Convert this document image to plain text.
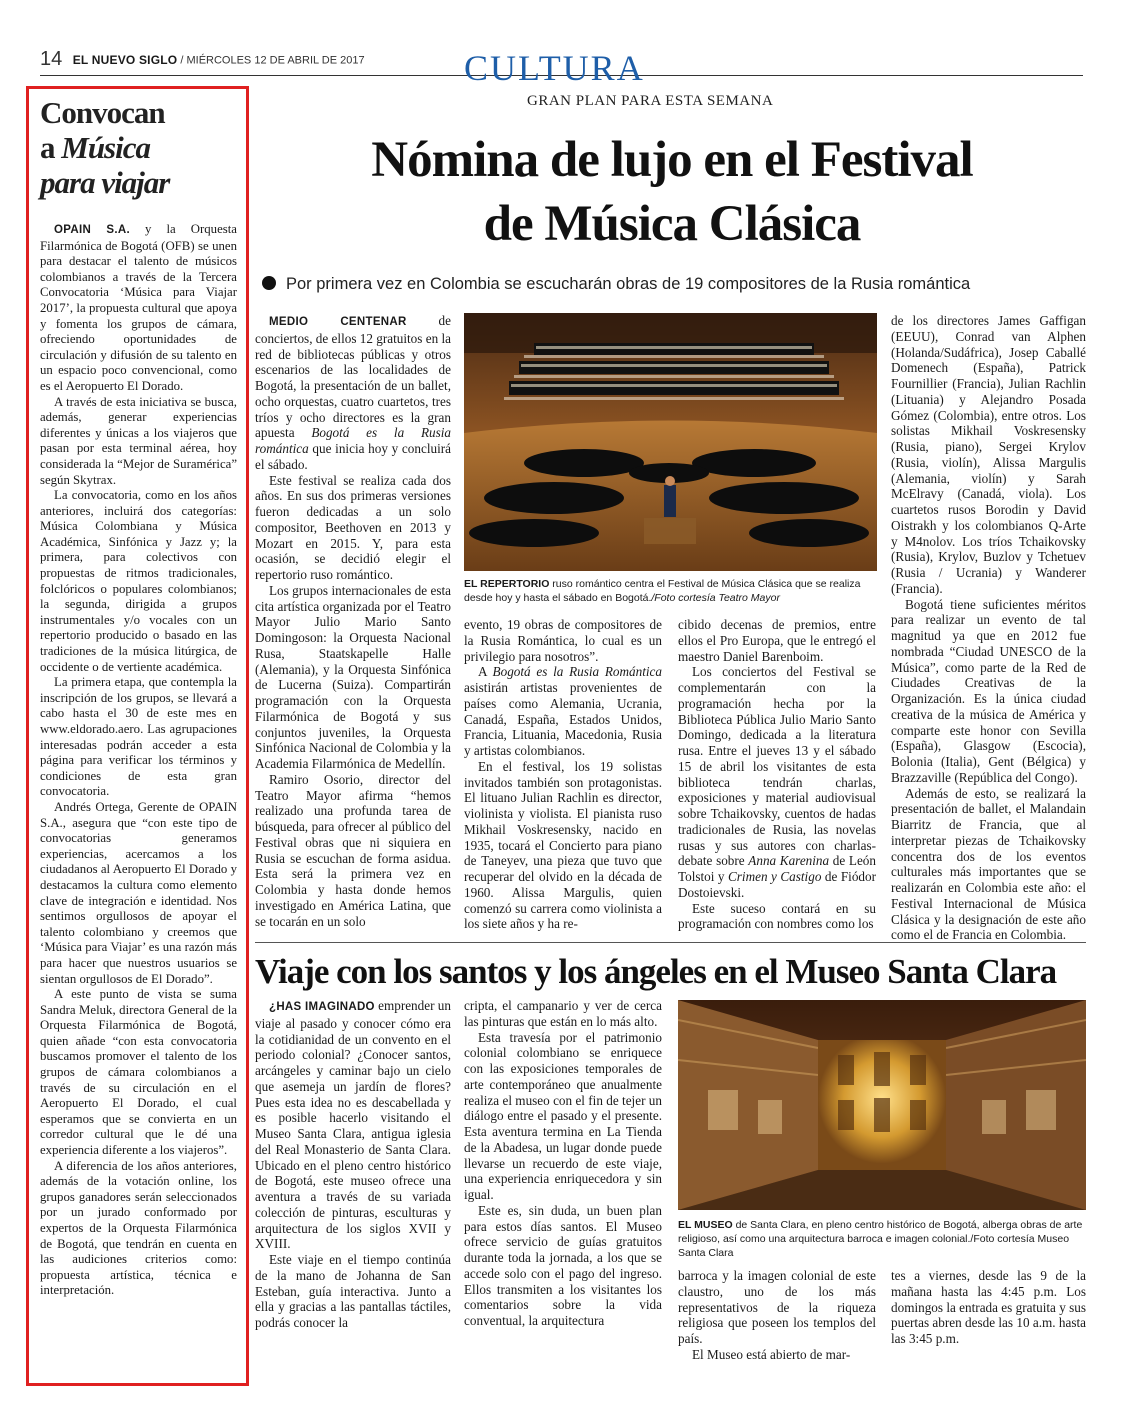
14 EL NUEVO SIGLO / MIÉRCOLES 12 DE ABRIL DE 2017	CULTURA
GRAN PLAN PARA ESTA SEMANA
Convocan
a Música
para viajar

OPAIN S.A. y la Orquesta Filarmónica de Bogotá (OFB) se unen para destacar el talento de músicos colombianos a través de la Tercera Convocatoria ‘Música para Viajar 2017’, la propuesta cultural que apoya y fomenta los grupos de cámara, ofreciendo oportunidades de circulación y difusión de su talento en un espacio poco convencional, como es el Aeropuerto El Dorado.

A través de esta iniciativa se busca, además, generar experiencias diferentes y únicas a los viajeros que pasan por esta terminal aérea, hoy considerada la “Mejor de Suramérica” según Skytrax.

La convocatoria, como en los años anteriores, incluirá dos categorías: Música Colombiana y Música Académica, Sinfónica y Jazz y; la primera, para colectivos con propuestas de ritmos tradicionales, folclóricos o populares colombianos; la segunda, dirigida a grupos instrumentales y/o vocales con un repertorio producido o basado en las tradiciones de la música litúrgica, de occidente o de vertiente académica.

La primera etapa, que contempla la inscripción de los grupos, se llevará a cabo hasta el 30 de este mes en www.eldorado.aero. Las agrupaciones interesadas podrán acceder a esta página para verificar los términos y condiciones de esta gran convocatoria.

Andrés Ortega, Gerente de OPAIN S.A., asegura que “con este tipo de convocatorias generamos experiencias, acercamos a los ciudadanos al Aeropuerto El Dorado y destacamos la cultura como elemento clave de integración e identidad. Nos sentimos orgullosos de apoyar el talento colombiano y creemos que ‘Música para Viajar’ es una razón más para hacer que nuestros usuarios se sientan orgullosos de El Dorado”.

A este punto de vista se suma Sandra Meluk, directora General de la Orquesta Filarmónica de Bogotá, quien añade “con esta convocatoria buscamos promover el talento de los grupos de cámara colombianos a través de su circulación en el Aeropuerto El Dorado, el cual esperamos que se convierta en un corredor cultural que le dé una experiencia diferente a los viajeros”.

A diferencia de los años anteriores, además de la votación online, los grupos ganadores serán seleccionados por un jurado conformado por expertos de la Orquesta Filarmónica de Bogotá, que tendrán en cuenta en las audiciones criterios como: propuesta artística, técnica e interpretación.

Nómina de lujo en el Festival
de Música Clásica
Por primera vez en Colombia se escucharán obras de 19 compositores de la Rusia romántica

MEDIO CENTENAR de conciertos, de ellos 12 gratuitos en la red de bibliotecas públicas y otros escenarios de las localidades de Bogotá, la presentación de un ballet, ocho orquestas, cuatro cuartetos, tres tríos y ocho directores es la gran apuesta Bogotá es la Rusia romántica que inicia hoy y concluirá el sábado.

Este festival se realiza cada dos años. En sus dos primeras versiones fueron dedicadas a un solo compositor, Beethoven en 2013 y Mozart en 2015. Y, para esta ocasión, se decidió elegir el repertorio ruso romántico.

Los grupos internacionales de esta cita artística organizada por el Teatro Mayor Julio Mario Santo Domingoson: la Orquesta Nacional Rusa, Staatskapelle Halle (Alemania), y la Orquesta Sinfónica de Lucerna (Suiza). Compartirán programación con la Orquesta Filarmónica de Bogotá y sus conjuntos juveniles, la Orquesta Sinfónica Nacional de Colombia y la Academia Filarmónica de Medellín.

Ramiro Osorio, director del Teatro Mayor afirma “hemos realizado una profunda tarea de búsqueda, para ofrecer al público del Festival obras que ni siquiera en Rusia se escuchan de forma asidua. Esta será la primera vez en Colombia y hasta donde hemos investigado en América Latina, que se tocarán en un solo

EL REPERTORIO ruso romántico centra el Festival de Música Clásica que se realiza desde hoy y hasta el sábado en Bogotá./Foto cortesía Teatro Mayor

evento, 19 obras de compositores de la Rusia Romántica, lo cual es un privilegio para nosotros”.

A Bogotá es la Rusia Romántica asistirán artistas provenientes de países como Alemania, Ucrania, Canadá, España, Estados Unidos, Francia, Lituania, Macedonia, Rusia y artistas colombianos.

En el festival, los 19 solistas invitados también son protagonistas. El lituano Julian Rachlin es director, violinista y violista. El pianista ruso Mikhail Voskresensky, nacido en 1935, tocará el Concierto para piano de Taneyev, una pieza que tuvo que recuperar del olvido en la década de 1960. Alissa Margulis, quien comenzó su carrera como violinista a los siete años y ha re-

cibido decenas de premios, entre ellos el Pro Europa, que le entregó el maestro Daniel Barenboim.

Los conciertos del Festival se complementarán con la programación hecha por la Biblioteca Pública Julio Mario Santo Domingo, dedicada a la literatura rusa. Entre el jueves 13 y el sábado 15 de abril los visitantes de esta biblioteca tendrán charlas, exposiciones y material audiovisual sobre Tchaikovsky, cuentos de hadas tradicionales de Rusia, las novelas rusas y sus autores con charlas-debate sobre Anna Karenina de León Tolstoi y Crimen y Castigo de Fiódor Dostoievski.

Este suceso contará en su programación con nombres como los

de los directores James Gaffigan (EEUU), Conrad van Alphen (Holanda/Sudáfrica), Josep Caballé Domenech (España), Patrick Fournillier (Francia), Julian Rachlin (Lituania) y Alejandro Posada Gómez (Colombia), entre otros. Los solistas Mikhail Voskresensky (Rusia, piano), Sergei Krylov (Rusia, violín), Alissa Margulis (Alemania, violín) y Sarah McElravy (Canadá, viola). Los cuartetos rusos Borodin y David Oistrakh y los colombianos Q-Arte y M4nolov. Los tríos Tchaikovsky (Rusia), Krylov, Buzlov y Tchetuev (Rusia / Ucrania) y Wanderer (Francia).

Bogotá tiene suficientes méritos para realizar un evento de tal magnitud ya que en 2012 fue nombrada “Ciudad UNESCO de la Música”, como parte de la Red de Ciudades Creativas de la Organización. Es la única ciudad creativa de la música de América y comparte este honor con Sevilla (España), Glasgow (Escocia), Bolonia (Italia), Gent (Bélgica) y Brazzaville (República del Congo).

Además de esto, se realizará la presentación de ballet, el Malandain Biarritz de Francia, que al interpretar piezas de Tchaikovsky concentra dos de los eventos culturales más importantes que se realizarán en Colombia este año: el Festival Internacional de Música Clásica y la designación de este año como el de Francia en Colombia.

Viaje con los santos y los ángeles en el Museo Santa Clara

¿HAS IMAGINADO emprender un viaje al pasado y conocer cómo era la cotidianidad de un convento en el periodo colonial? ¿Conocer santos, arcángeles y caminar bajo un cielo que asemeja un jardín de flores? Pues esta idea no es descabellada y es posible hacerlo visitando el Museo Santa Clara, antigua iglesia del Real Monasterio de Santa Clara. Ubicado en el pleno centro histórico de Bogotá, este museo ofrece una aventura a través de su variada colección de pinturas, esculturas y arquitectura de los siglos XVII y XVIII.

Este viaje en el tiempo continúa de la mano de Johanna de San Esteban, guía interactiva. Junto a ella y gracias a las pantallas táctiles, podrás conocer la

cripta, el campanario y ver de cerca las pinturas que están en lo más alto.

Esta travesía por el patrimonio colonial colombiano se enriquece con las exposiciones temporales de arte contemporáneo que anualmente realiza el museo con el fin de tejer un diálogo entre el pasado y el presente. Esta aventura termina en La Tienda de la Abadesa, un lugar donde puede llevarse un recuerdo de este viaje, una experiencia enriquecedora y sin igual.

Este es, sin duda, un buen plan para estos días santos. El Museo ofrece servicio de guías gratuitos durante toda la jornada, a los que se accede solo con el pago del ingreso. Ellos transmiten a los visitantes los comentarios sobre la vida conventual, la arquitectura

EL MUSEO de Santa Clara, en pleno centro histórico de Bogotá, alberga obras de arte religioso, así como una arquitectura barroca e imagen colonial./Foto cortesía Museo Santa Clara

barroca y la imagen colonial de este claustro, uno de los más representativos de la riqueza religiosa que poseen los templos del país.

El Museo está abierto de mar-

tes a viernes, desde las 9 de la mañana hasta las 4:45 p.m. Los domingos la entrada es gratuita y sus puertas abren desde las 10 a.m. hasta las 3:45 p.m.
